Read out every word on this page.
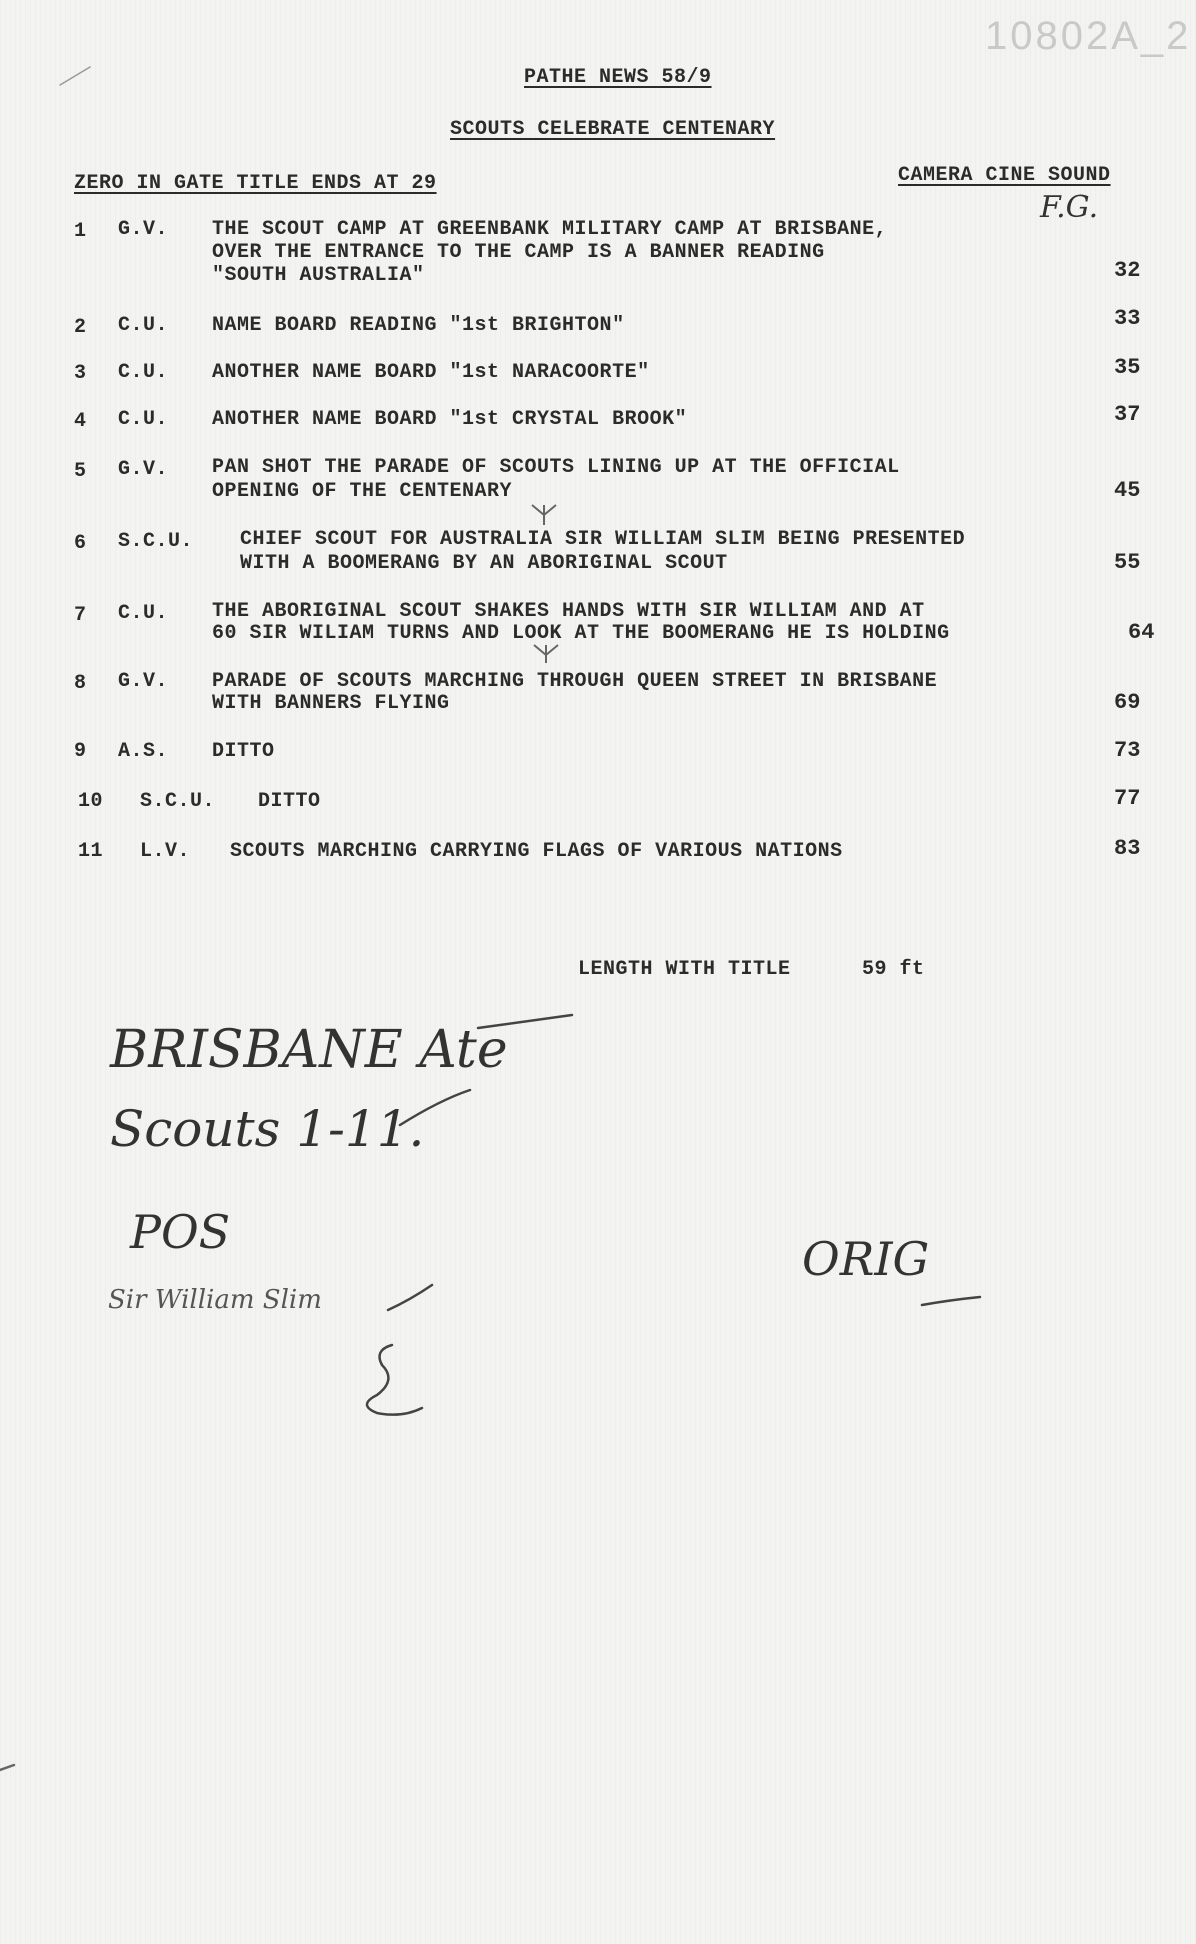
10802A_2
PATHE NEWS 58/9
SCOUTS CELEBRATE CENTENARY
ZERO IN GATE TITLE ENDS AT 29	CAMERA CINE SOUND
F.G.
1 G.V. THE SCOUT CAMP AT GREENBANK MILITARY CAMP AT BRISBANE,
OVER THE ENTRANCE TO THE CAMP IS A BANNER READING
"SOUTH AUSTRALIA"	32
2 C.U. NAME BOARD READING "1st BRIGHTON"	33
3 C.U. ANOTHER NAME BOARD "1st NARACOORTE"	35
4 C.U. ANOTHER NAME BOARD "1st CRYSTAL BROOK"	37
5 G.V. PAN SHOT THE PARADE OF SCOUTS LINING UP AT THE OFFICIAL
OPENING OF THE CENTENARY	45
6 S.C.U. CHIEF SCOUT FOR AUSTRALIA SIR WILLIAM SLIM BEING PRESENTED
WITH A BOOMERANG BY AN ABORIGINAL SCOUT	55
7 C.U. THE ABORIGINAL SCOUT SHAKES HANDS WITH SIR WILLIAM AND AT
60 SIR WILIAM TURNS AND LOOK AT THE BOOMERANG HE IS HOLDING	64
8 G.V. PARADE OF SCOUTS MARCHING THROUGH QUEEN STREET IN BRISBANE
WITH BANNERS FLYING	69
9 A.S. DITTO	73
10 S.C.U. DITTO	77
11 L.V. SCOUTS MARCHING CARRYING FLAGS OF VARIOUS NATIONS	83
LENGTH WITH TITLE	59 ft
BRISBANE Ate
Scouts 1-11.
POS
Sir William Slim
ORIG
